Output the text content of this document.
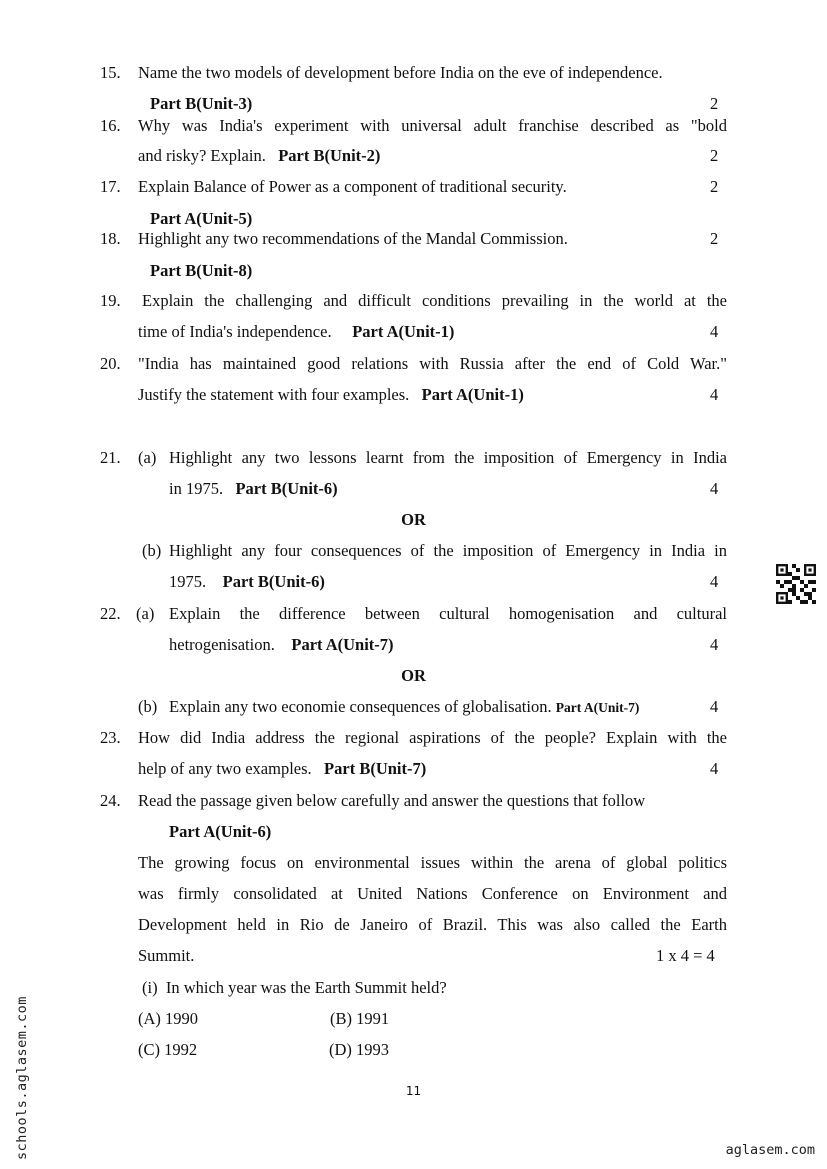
15. Name the two models of development before India on the eve of independence.
Part B(Unit-3)	2
16. Why was India's experiment with universal adult franchise described as "bold
and risky? Explain. Part B(Unit-2)	2
17. Explain Balance of Power as a component of traditional security.	2
Part A(Unit-5)
18. Highlight any two recommendations of the Mandal Commission.	2
Part B(Unit-8)
19. Explain the challenging and difficult conditions prevailing in the world at the
time of India's independence. Part A(Unit-1)	4
20. "India has maintained good relations with Russia after the end of Cold War."
Justify the statement with four examples. Part A(Unit-1)	4
21. (a) Highlight any two lessons learnt from the imposition of Emergency in India
in 1975. Part B(Unit-6)	4
OR
(b) Highlight any four consequences of the imposition of Emergency in India in
1975. Part B(Unit-6)	4
22. (a) Explain the difference between cultural homogenisation and cultural
hetrogenisation. Part A(Unit-7)	4
OR
(b) Explain any two economie consequences of globalisation. Part A(Unit-7)	4
23. How did India address the regional aspirations of the people? Explain with the
help of any two examples. Part B(Unit-7)	4
24. Read the passage given below carefully and answer the questions that follow
Part A(Unit-6)
The growing focus on environmental issues within the arena of global politics
was firmly consolidated at United Nations Conference on Environment and
Development held in Rio de Janeiro of Brazil. This was also called the Earth
Summit.	1 x 4 = 4
(i)  In which year was the Earth Summit held?
(A) 1990	(B) 1991
(C) 1992	(D) 1993
11
schools.aglasem.com	aglasem.com
